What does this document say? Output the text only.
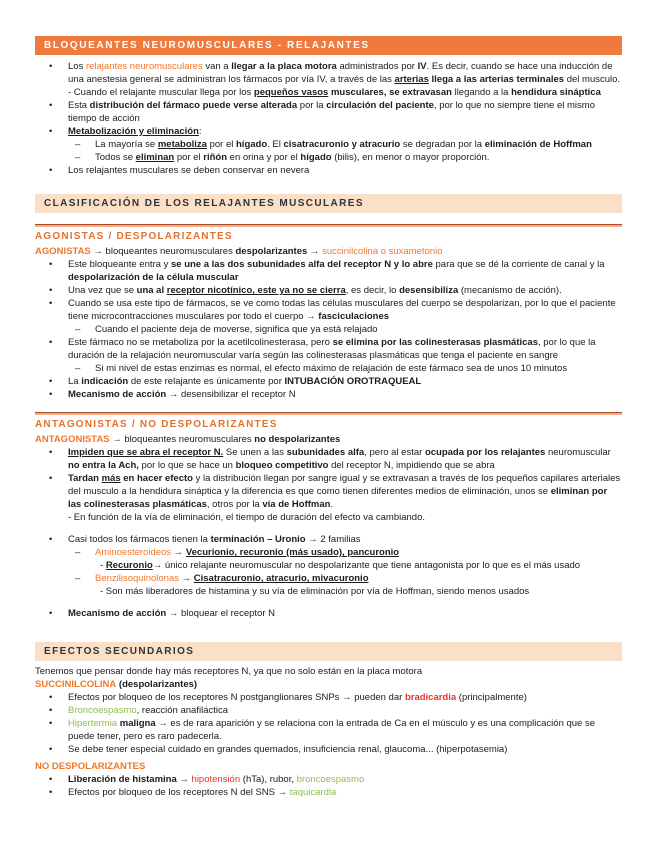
BLOQUEANTES NEUROMUSCULARES - RELAJANTES
• Los relajantes neuromusculares van a llegar a la placa motora administrados por IV. Es decir, cuando se hace una inducción de una anestesia general se administran los fármacos por vía IV, a través de las arterias llega a las arterias terminales del musculo.
- Cuando el relajante muscular llega por los pequeños vasos musculares, se extravasan llegando a la hendidura sináptica
• Esta distribución del fármaco puede verse alterada por la circulación del paciente, por lo que no siempre tiene el mismo tiempo de acción
• Metabolización y eliminación:
– La mayoría se metaboliza por el hígado. El cisatracuronio y atracurio se degradan por la eliminación de Hoffman
– Todos se eliminan por el riñón en orina y por el hígado (bilis), en menor o mayor proporción.
• Los relajantes musculares se deben conservar en nevera
CLASIFICACIÓN DE LOS RELAJANTES MUSCULARES
AGONISTAS / DESPOLARIZANTES
AGONISTAS → bloqueantes neuromusculares despolarizantes → succinilcolina o suxametonio
• Este bloqueante entra y se une a las dos subunidades alfa del receptor N y lo abre para que se dé la corriente de canal y la despolarización de la célula muscular
• Una vez que se una al receptor nicotínico, este ya no se cierra, es decir, lo desensibiliza (mecanismo de acción).
• Cuando se usa este tipo de fármacos, se ve como todas las células musculares del cuerpo se despolarizan, por lo que el paciente tiene microcontracciones musculares por todo el cuerpo → fasciculaciones
– Cuando el paciente deja de moverse, significa que ya está relajado
• Este fármaco no se metaboliza por la acetilcolinesterasa, pero se elimina por las colinesterasas plasmáticas, por lo que la duración de la relajación neuromuscular varía según las colinesterasas plasmáticas que tenga el paciente en sangre
– Si mi nivel de estas enzimas es normal, el efecto máximo de relajación de este fármaco sea de unos 10 minutos
• La indicación de este relajante es únicamente por INTUBACIÓN OROTRAQUEAL
• Mecanismo de acción → desensibilizar el receptor N
ANTAGONISTAS / NO DESPOLARIZANTES
ANTAGONISTAS → bloqueantes neuromusculares no despolarizantes
• Impiden que se abra el receptor N. Se unen a las subunidades alfa, pero al estar ocupada por los relajantes neuromuscular no entra la Ach, por lo que se hace un bloqueo competitivo del receptor N, impidiendo que se abra
• Tardan más en hacer efecto y la distribución llegan por sangre igual y se extravasan a través de los pequeños capilares arteriales del musculo a la hendidura sináptica y la diferencia es que como tienen diferentes medios de eliminación, unos se eliminan por las colinesterasas plasmáticas, otros por la vía de Hoffman.
- En función de la vía de eliminación, el tiempo de duración del efecto va cambiando.
• Casi todos los fármacos tienen la terminación – Uronio → 2 familias
– Aminoesteroideos → Vecurionio, recuronio (más usado), pancuronio
- Recuronio→ único relajante neuromuscular no despolarizante que tiene antagonista por lo que es el más usado
– Benzilisoquinolonas → Cisatracuronio, atracurio, mivacuronio
- Son más liberadores de histamina y su vía de eliminación por vía de Hoffman, siendo menos usados
• Mecanismo de acción → bloquear el receptor N
EFECTOS SECUNDARIOS
Tenemos que pensar donde hay más receptores N, ya que no solo están en la placa motora
SUCCINILCOLINA (despolarizantes)
• Efectos por bloqueo de los receptores N postganglionares SNPs → pueden dar bradicardia (principalmente)
• Broncoespasmo, reacción anafiláctica
• Hipertermia maligna → es de rara aparición y se relaciona con la entrada de Ca en el músculo y es una complicación que se puede tener, pero es raro padecerla.
• Se debe tener especial cuidado en grandes quemados, insuficiencia renal, glaucoma... (hiperpotasemia)
NO DESPOLARIZANTES
• Liberación de histamina → hipotensión (hTa), rubor, broncoespasmo
• Efectos por bloqueo de los receptores N del SNS → taquicardia
